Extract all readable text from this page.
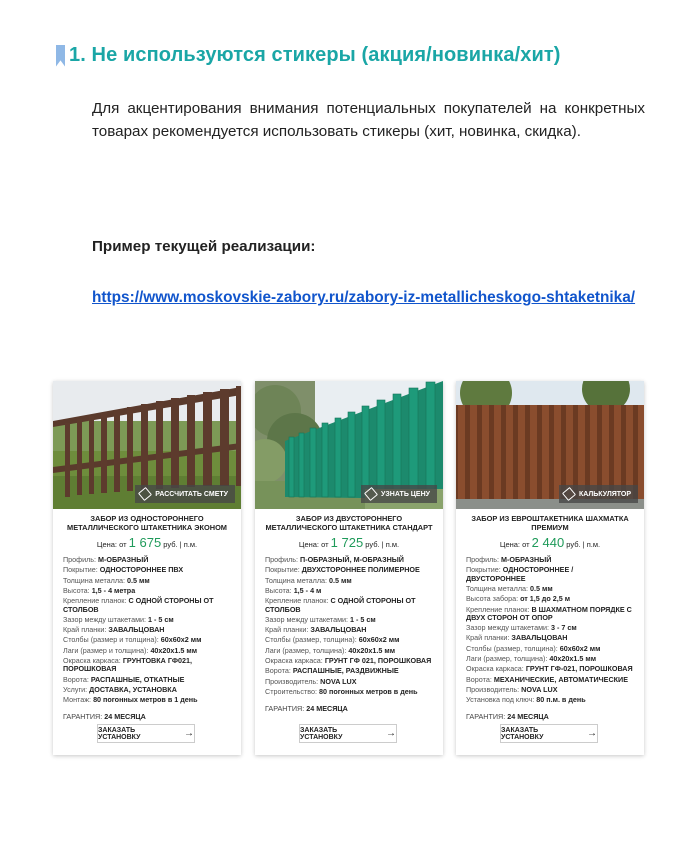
1. Не используются стикеры (акция/новинка/хит)

Для акцентирования внимания потенциальных покупателей на конкретных товарах рекомендуется использовать стикеры (хит, новинка, скидка).

Пример текущей реализации:
https://www.moskovskie-zabory.ru/zabory-iz-metallicheskogo-shtaketnika/
РАССЧИТАТЬ СМЕТУ
ЗАБОР ИЗ ОДНОСТОРОННЕГО МЕТАЛЛИЧЕСКОГО ШТАКЕТНИКА ЭКОНОМ
Цена: от 1 675 руб. | п.м.
Профиль: М-ОБРАЗНЫЙ
Покрытие: ОДНОСТОРОННЕЕ ПВХ
Толщина металла: 0.5 мм
Высота: 1,5 - 4 метра
Крепление планок: С ОДНОЙ СТОРОНЫ ОТ СТОЛБОВ
Зазор между штакетами: 1 - 5 см
Край планки: ЗАВАЛЬЦОВАН
Столбы (размер и толщина): 60х60х2 мм
Лаги (размер и толщина): 40х20х1.5 мм
Окраска каркаса: ГРУНТОВКА ГФ021, ПОРОШКОВАЯ
Ворота: РАСПАШНЫЕ, ОТКАТНЫЕ
Услуги: ДОСТАВКА, УСТАНОВКА
Монтаж: 80 погонных метров в 1 день
ГАРАНТИЯ: 24 МЕСЯЦА
ЗАКАЗАТЬ УСТАНОВКУ	→
УЗНАТЬ ЦЕНУ
ЗАБОР ИЗ ДВУСТОРОННЕГО МЕТАЛЛИЧЕСКОГО ШТАКЕТНИКА СТАНДАРТ
Цена: от 1 725 руб. | п.м.
Профиль: П-ОБРАЗНЫЙ, М-ОБРАЗНЫЙ
Покрытие: ДВУХСТОРОННЕЕ ПОЛИМЕРНОЕ
Толщина металла: 0.5 мм
Высота: 1,5 - 4 м
Крепление планок: С ОДНОЙ СТОРОНЫ ОТ СТОЛБОВ
Зазор между штакетами: 1 - 5 см
Край планки: ЗАВАЛЬЦОВАН
Столбы (размер, толщина): 60х60х2 мм
Лаги (размер, толщина): 40х20х1.5 мм
Окраска каркаса: ГРУНТ ГФ 021, ПОРОШКОВАЯ
Ворота: РАСПАШНЫЕ, РАЗДВИЖНЫЕ
Производитель: NOVA LUX
Строительство: 80 погонных метров в день
ГАРАНТИЯ: 24 МЕСЯЦА
ЗАКАЗАТЬ УСТАНОВКУ	→
КАЛЬКУЛЯТОР
ЗАБОР ИЗ ЕВРОШТАКЕТНИКА ШАХМАТКА ПРЕМИУМ
Цена: от 2 440 руб. | п.м.
Профиль: М-ОБРАЗНЫЙ
Покрытие: ОДНОСТОРОННЕЕ / ДВУСТОРОННЕЕ
Толщина металла: 0.5 мм
Высота забора: от 1,5 до 2,5 м
Крепление планок: В ШАХМАТНОМ ПОРЯДКЕ С ДВУХ СТОРОН ОТ ОПОР
Зазор между штакетами: 3 - 7 см
Край планки: ЗАВАЛЬЦОВАН
Столбы (размер, толщина): 60х60х2 мм
Лаги (размер, толщина): 40х20х1.5 мм
Окраска каркаса: ГРУНТ ГФ-021, ПОРОШКОВАЯ
Ворота: МЕХАНИЧЕСКИЕ, АВТОМАТИЧЕСКИЕ
Производитель: NOVA LUX
Установка под ключ: 80 п.м. в день
ГАРАНТИЯ: 24 МЕСЯЦА
ЗАКАЗАТЬ УСТАНОВКУ	→
